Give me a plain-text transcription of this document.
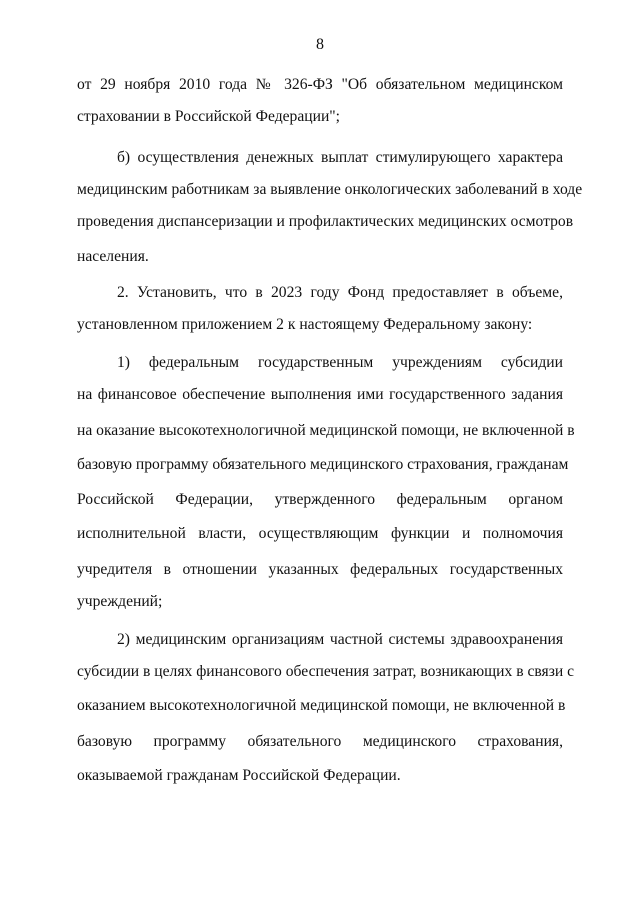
8
от 29 ноября 2010 года № 326-ФЗ "Об обязательном медицинском
страховании в Российской Федерации";
б) осуществления денежных выплат стимулирующего характера
медицинским работникам за выявление онкологических заболеваний в ходе
проведения диспансеризации и профилактических медицинских осмотров
населения.
2. Установить, что в 2023 году Фонд предоставляет в объеме,
установленном приложением 2 к настоящему Федеральному закону:
1) федеральным государственным учреждениям субсидии
на финансовое обеспечение выполнения ими государственного задания
на оказание высокотехнологичной медицинской помощи, не включенной в
базовую программу обязательного медицинского страхования, гражданам
Российской Федерации, утвержденного федеральным органом
исполнительной власти, осуществляющим функции и полномочия
учредителя в отношении указанных федеральных государственных
учреждений;
2) медицинским организациям частной системы здравоохранения
субсидии в целях финансового обеспечения затрат, возникающих в связи с
оказанием высокотехнологичной медицинской помощи, не включенной в
базовую программу обязательного медицинского страхования,
оказываемой гражданам Российской Федерации.
